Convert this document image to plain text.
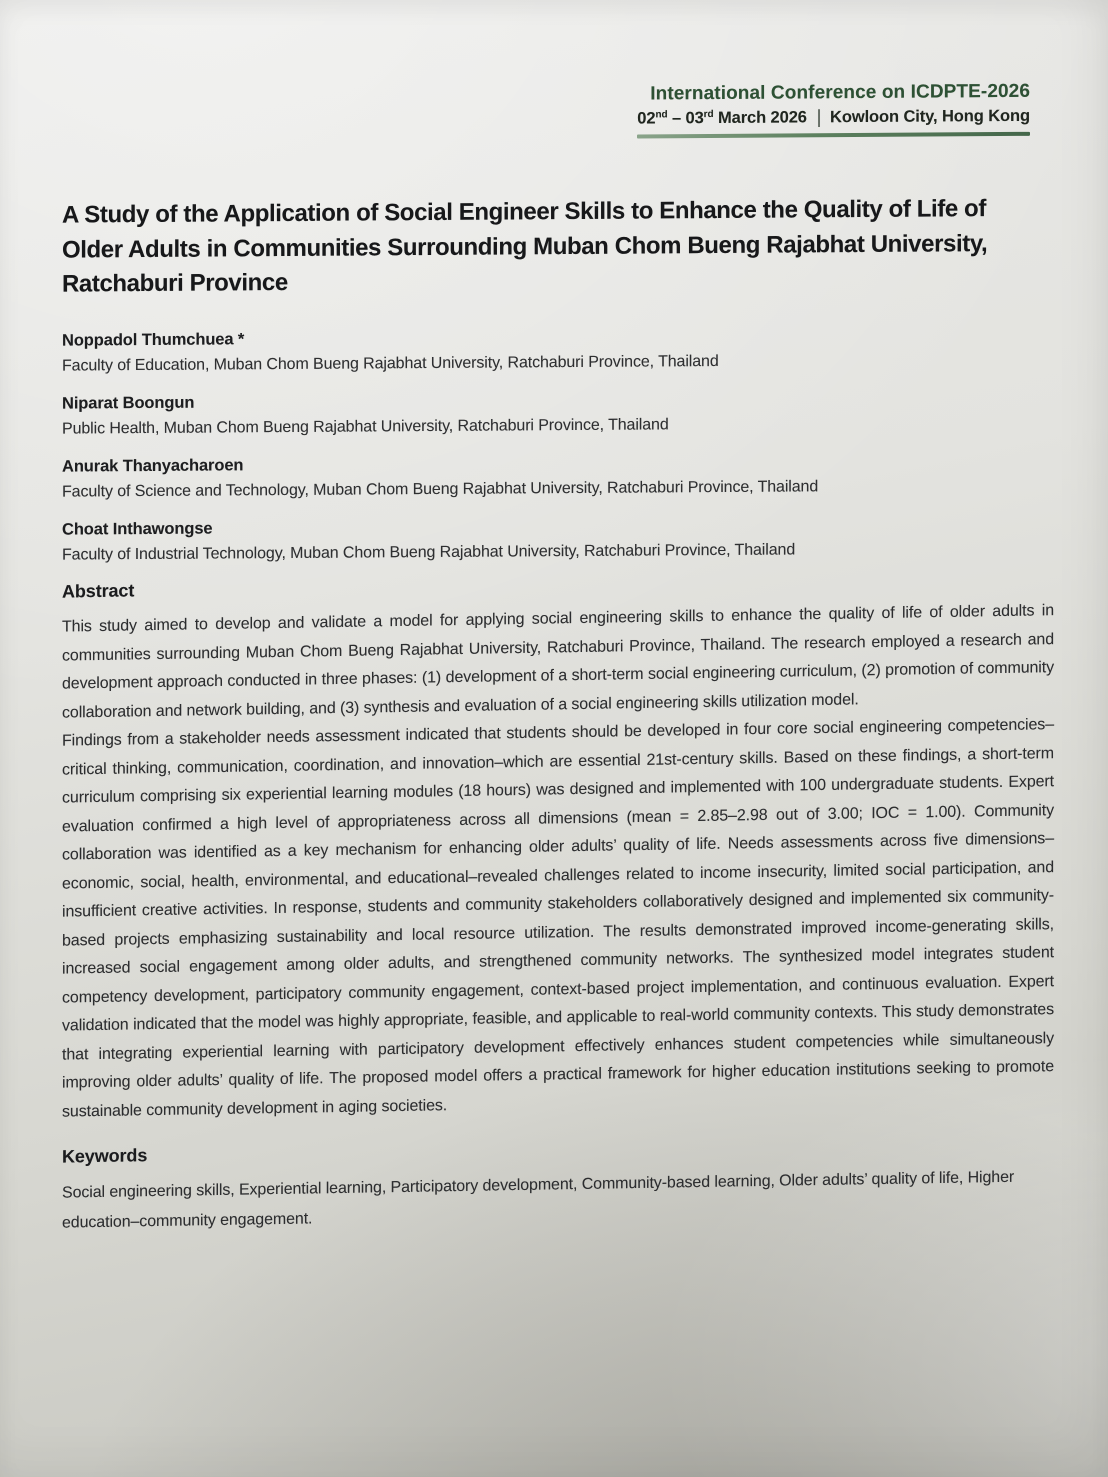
International Conference on ICDPTE-2026
02nd – 03rd March 2026 | Kowloon City, Hong Kong
A Study of the Application of Social Engineer Skills to Enhance the Quality of Life of Older Adults in Communities Surrounding Muban Chom Bueng Rajabhat University, Ratchaburi Province
Noppadol Thumchuea *
Faculty of Education, Muban Chom Bueng Rajabhat University, Ratchaburi Province, Thailand
Niparat Boongun
Public Health, Muban Chom Bueng Rajabhat University, Ratchaburi Province, Thailand
Anurak Thanyacharoen
Faculty of Science and Technology, Muban Chom Bueng Rajabhat University, Ratchaburi Province, Thailand
Choat Inthawongse
Faculty of Industrial Technology, Muban Chom Bueng Rajabhat University, Ratchaburi Province, Thailand
Abstract

This study aimed to develop and validate a model for applying social engineering skills to enhance the quality of life of older adults in communities surrounding Muban Chom Bueng Rajabhat University, Ratchaburi Province, Thailand. The research employed a research and development approach conducted in three phases: (1) development of a short-term social engineering curriculum, (2) promotion of community collaboration and network building, and (3) synthesis and evaluation of a social engineering skills utilization model.

Findings from a stakeholder needs assessment indicated that students should be developed in four core social engineering competencies–critical thinking, communication, coordination, and innovation–which are essential 21st-century skills. Based on these findings, a short-term curriculum comprising six experiential learning modules (18 hours) was designed and implemented with 100 undergraduate students. Expert evaluation confirmed a high level of appropriateness across all dimensions (mean = 2.85–2.98 out of 3.00; IOC = 1.00). Community collaboration was identified as a key mechanism for enhancing older adults’ quality of life. Needs assessments across five dimensions–economic, social, health, environmental, and educational–revealed challenges related to income insecurity, limited social participation, and insufficient creative activities. In response, students and community stakeholders collaboratively designed and implemented six community-based projects emphasizing sustainability and local resource utilization. The results demonstrated improved income-generating skills, increased social engagement among older adults, and strengthened community networks. The synthesized model integrates student competency development, participatory community engagement, context-based project implementation, and continuous evaluation. Expert validation indicated that the model was highly appropriate, feasible, and applicable to real-world community contexts. This study demonstrates that integrating experiential learning with participatory development effectively enhances student competencies while simultaneously improving older adults’ quality of life. The proposed model offers a practical framework for higher education institutions seeking to promote sustainable community development in aging societies.

Keywords

Social engineering skills, Experiential learning, Participatory development, Community-based learning, Older adults’ quality of life, Higher education–community engagement.
